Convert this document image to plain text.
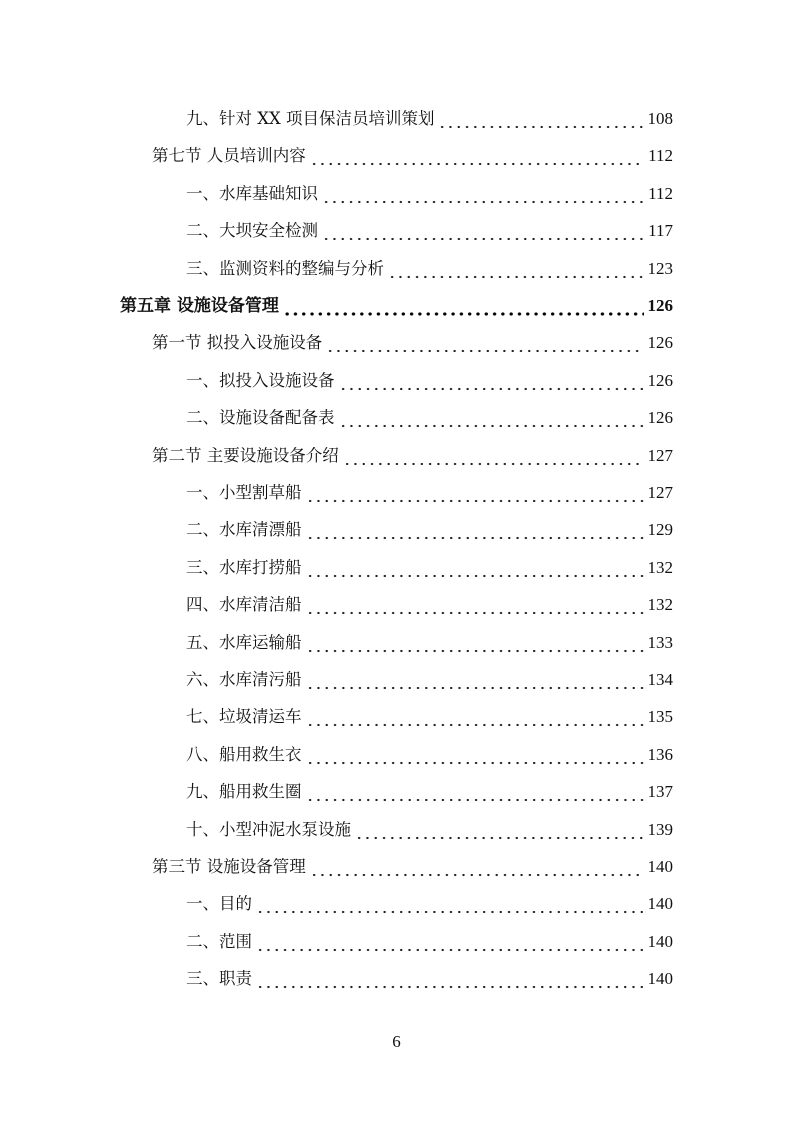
九、针对 XX 项目保洁员培训策划	108
第七节 人员培训内容	112
一、水库基础知识	112
二、大坝安全检测	117
三、监测资料的整编与分析	123
第五章 设施设备管理	126
第一节 拟投入设施设备	126
一、拟投入设施设备	126
二、设施设备配备表	126
第二节 主要设施设备介绍	127
一、小型割草船	127
二、水库清漂船	129
三、水库打捞船	132
四、水库清洁船	132
五、水库运输船	133
六、水库清污船	134
七、垃圾清运车	135
八、船用救生衣	136
九、船用救生圈	137
十、小型冲泥水泵设施	139
第三节 设施设备管理	140
一、目的	140
二、范围	140
三、职责	140
6
